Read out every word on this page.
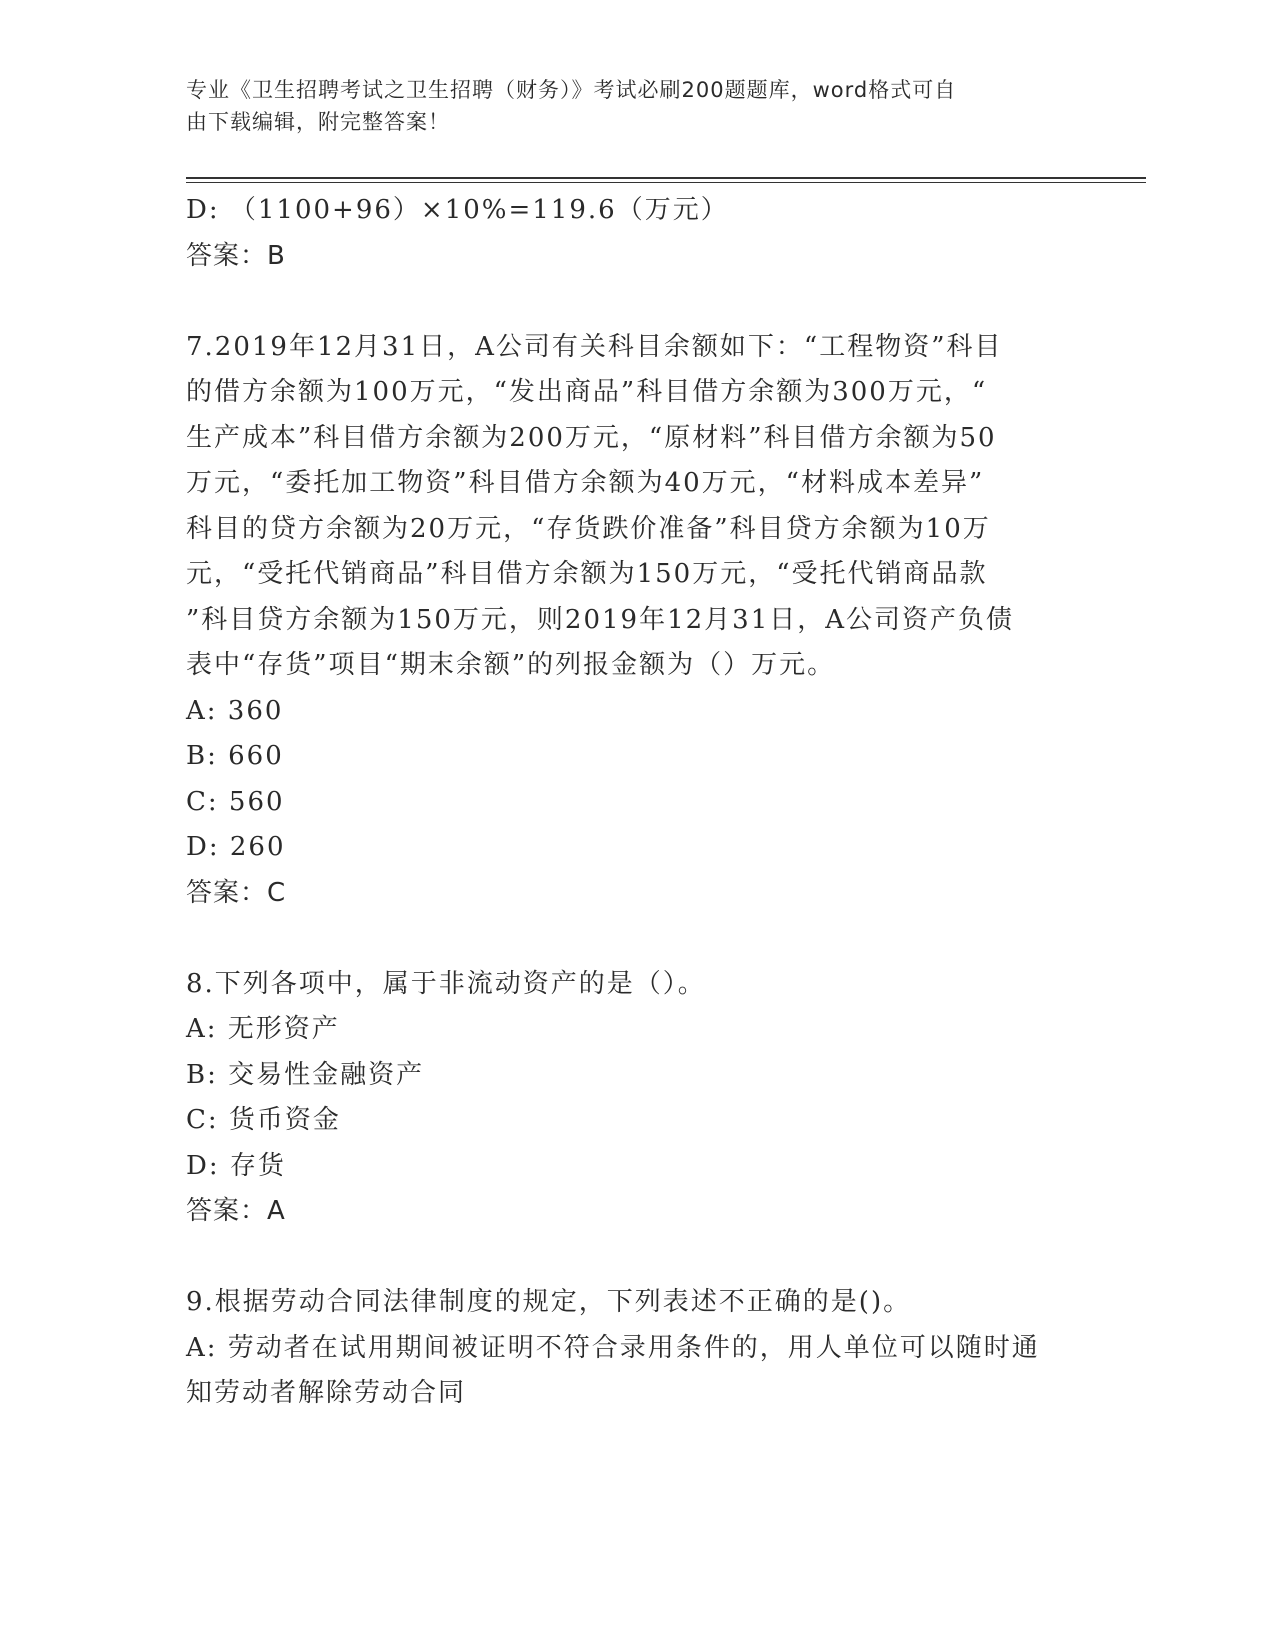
专业《卫生招聘考试之卫生招聘（财务）》考试必刷200题题库，word格式可自
由下载编辑，附完整答案！
D: （1100+96）×10%=119.6（万元）
答案：B
7.2019年12月31日，A公司有关科目余额如下：“工程物资”科目
的借方余额为100万元，“发出商品”科目借方余额为300万元，“
生产成本”科目借方余额为200万元，“原材料”科目借方余额为50
万元，“委托加工物资”科目借方余额为40万元，“材料成本差异”
科目的贷方余额为20万元，“存货跌价准备”科目贷方余额为10万
元，“受托代销商品”科目借方余额为150万元，“受托代销商品款
”科目贷方余额为150万元，则2019年12月31日，A公司资产负债
表中“存货”项目“期末余额”的列报金额为（）万元。
A: 360
B: 660
C: 560
D: 260
答案：C
8.下列各项中，属于非流动资产的是（）。
A: 无形资产
B: 交易性金融资产
C: 货币资金
D: 存货
答案：A
9.根据劳动合同法律制度的规定，下列表述不正确的是()。
A: 劳动者在试用期间被证明不符合录用条件的，用人单位可以随时通
知劳动者解除劳动合同
